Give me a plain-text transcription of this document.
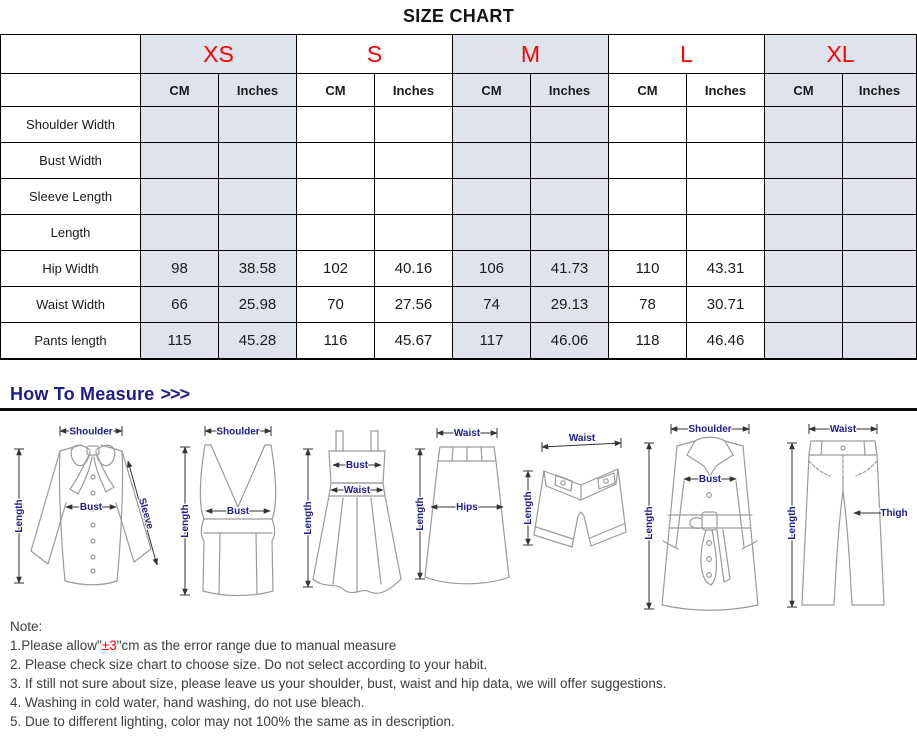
SIZE CHART
	XS		S		M		L		XL	
	CM	Inches	CM	Inches	CM	Inches	CM	Inches	CM	Inches
Shoulder Width										
Bust Width										
Sleeve Length										
Length										
Hip Width	98	38.58	102	40.16	106	41.73	110	43.31		
Waist Width	66	25.98	70	27.56	74	29.13	78	30.71		
Pants length	115	45.28	116	45.67	117	46.06	118	46.46		
How To Measure >>>
Shoulder
Length	Bust	Sleeve
Shoulder
Length	Bust
Bust
Waist
Length
Waist
Length	Hips
Waist
Length
Shoulder
Length
Bust
Waist
Length	Thigh
Note:
1.Please allow"±3"cm as the error range due to manual measure
2. Please check size chart to choose size. Do not select according to your habit.
3. If still not sure about size, please leave us your shoulder, bust, waist and hip data, we will offer suggestions.
4. Washing in cold water, hand washing, do not use bleach.
5. Due to different lighting, color may not 100% the same as in description.
